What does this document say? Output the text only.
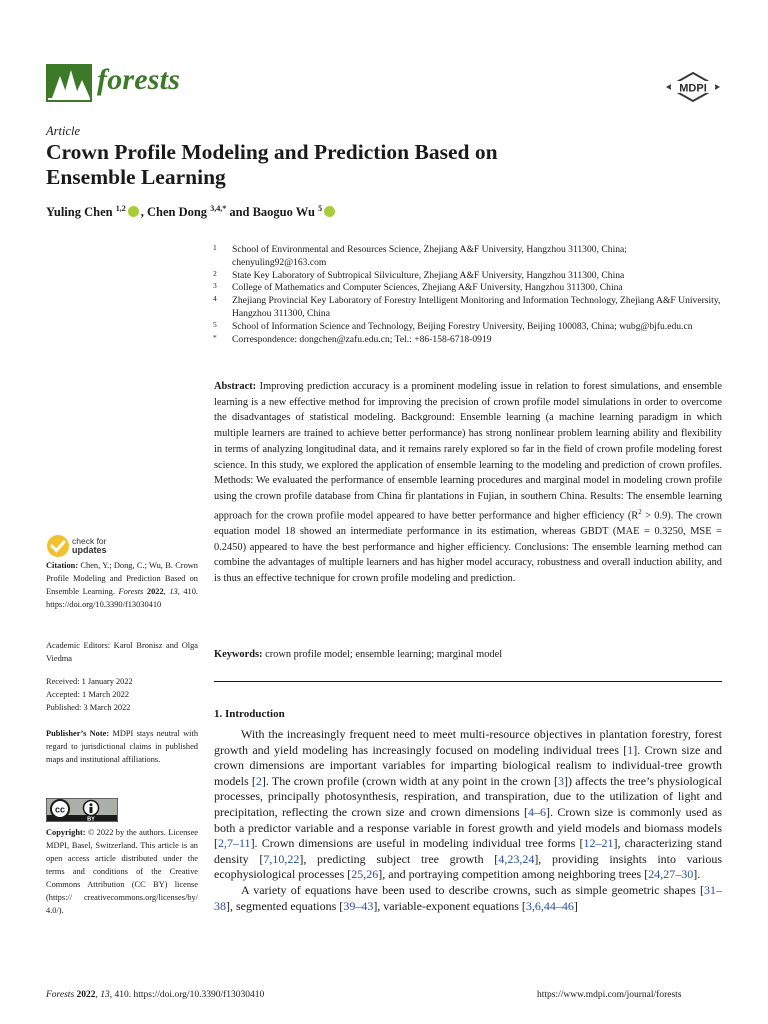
forests	MDPI
Article
Crown Profile Modeling and Prediction Based on
Ensemble Learning
Yuling Chen $^{1,2}$ , Chen Dong $^{3,4,*}$ and Baoguo Wu $^5$
1 School of Environmental and Resources Science, Zhejiang A&F University, Hangzhou 311300, China; chenyuling92@163.com
2 State Key Laboratory of Subtropical Silviculture, Zhejiang A&F University, Hangzhou 311300, China
3 College of Mathematics and Computer Sciences, Zhejiang A&F University, Hangzhou 311300, China
4 Zhejiang Provincial Key Laboratory of Forestry Intelligent Monitoring and Information Technology, Zhejiang A&F University, Hangzhou 311300, China
5 School of Information Science and Technology, Beijing Forestry University, Beijing 100083, China; wubg@bjfu.edu.cn
* Correspondence: dongchen@zafu.edu.cn; Tel.: +86-158-6718-0919
Abstract: Improving prediction accuracy is a prominent modeling issue in relation to forest simulations, and ensemble learning is a new effective method for improving the precision of crown profile model simulations in order to overcome the disadvantages of statistical modeling. Background: Ensemble learning (a machine learning paradigm in which multiple learners are trained to achieve better performance) has strong nonlinear problem learning ability and flexibility in terms of analyzing longitudinal data, and it remains rarely explored so far in the field of crown profile modeling forest science. In this study, we explored the application of ensemble learning to the modeling and prediction of crown profiles. Methods: We evaluated the performance of ensemble learning procedures and marginal model in modeling crown profile using the crown profile database from China fir plantations in Fujian, in southern China. Results: The ensemble learning approach for the crown profile model appeared to have better performance and higher efficiency $(R^2 > 0.9)$. The crown equation model 18 showed an intermediate performance in its estimation, whereas GBDT (MAE = 0.3250, MSE = 0.2450) appeared to have the best performance and higher efficiency. Conclusions: The ensemble learning method can combine the advantages of multiple learners and has higher model accuracy, robustness and overall induction ability, and is thus an effective technique for crown profile modeling and prediction.
Keywords: crown profile model; ensemble learning; marginal model
1. Introduction

With the increasingly frequent need to meet multi-resource objectives in plantation forestry, forest growth and yield modeling has increasingly focused on modeling individual trees [1]. Crown size and crown dimensions are important variables for imparting biological realism to individual-tree growth models [2]. The crown profile (crown width at any point in the crown [3]) affects the tree’s physiological processes, principally photosynthesis, respiration, and transpiration, due to the utilization of light and precipitation, reflecting the crown size and crown dimensions [4–6]. Crown size is commonly used as both a predictor variable and a response variable in forest growth and yield models and biomass models [2,7–11]. Crown dimensions are useful in modeling individual tree forms [12–21], characterizing stand density [7,10,22], predicting subject tree growth [4,23,24], providing insights into various ecophysiological processes [25,26], and portraying competition among neighboring trees [24,27–30].

A variety of equations have been used to describe crowns, such as simple geometric shapes [31–38], segmented equations [39–43], variable-exponent equations [3,6,44–46]

check for
updates
Citation: Chen, Y.; Dong, C.; Wu, B. Crown Profile Modeling and Prediction Based on Ensemble Learning. Forests 2022, 13, 410. https://doi.org/10.3390/f13030410
Academic Editors: Karol Bronisz and Olga Viedma
Received: 1 January 2022
Accepted: 1 March 2022
Published: 3 March 2022
Publisher’s Note: MDPI stays neutral with regard to jurisdictional claims in published maps and institutional affiliations.
cc
BY
Copyright: © 2022 by the authors. Licensee MDPI, Basel, Switzerland. This article is an open access article distributed under the terms and conditions of the Creative Commons Attribution (CC BY) license (https:// creativecommons.org/licenses/by/ 4.0/).
Forests 2022, 13, 410. https://doi.org/10.3390/f13030410	https://www.mdpi.com/journal/forests
